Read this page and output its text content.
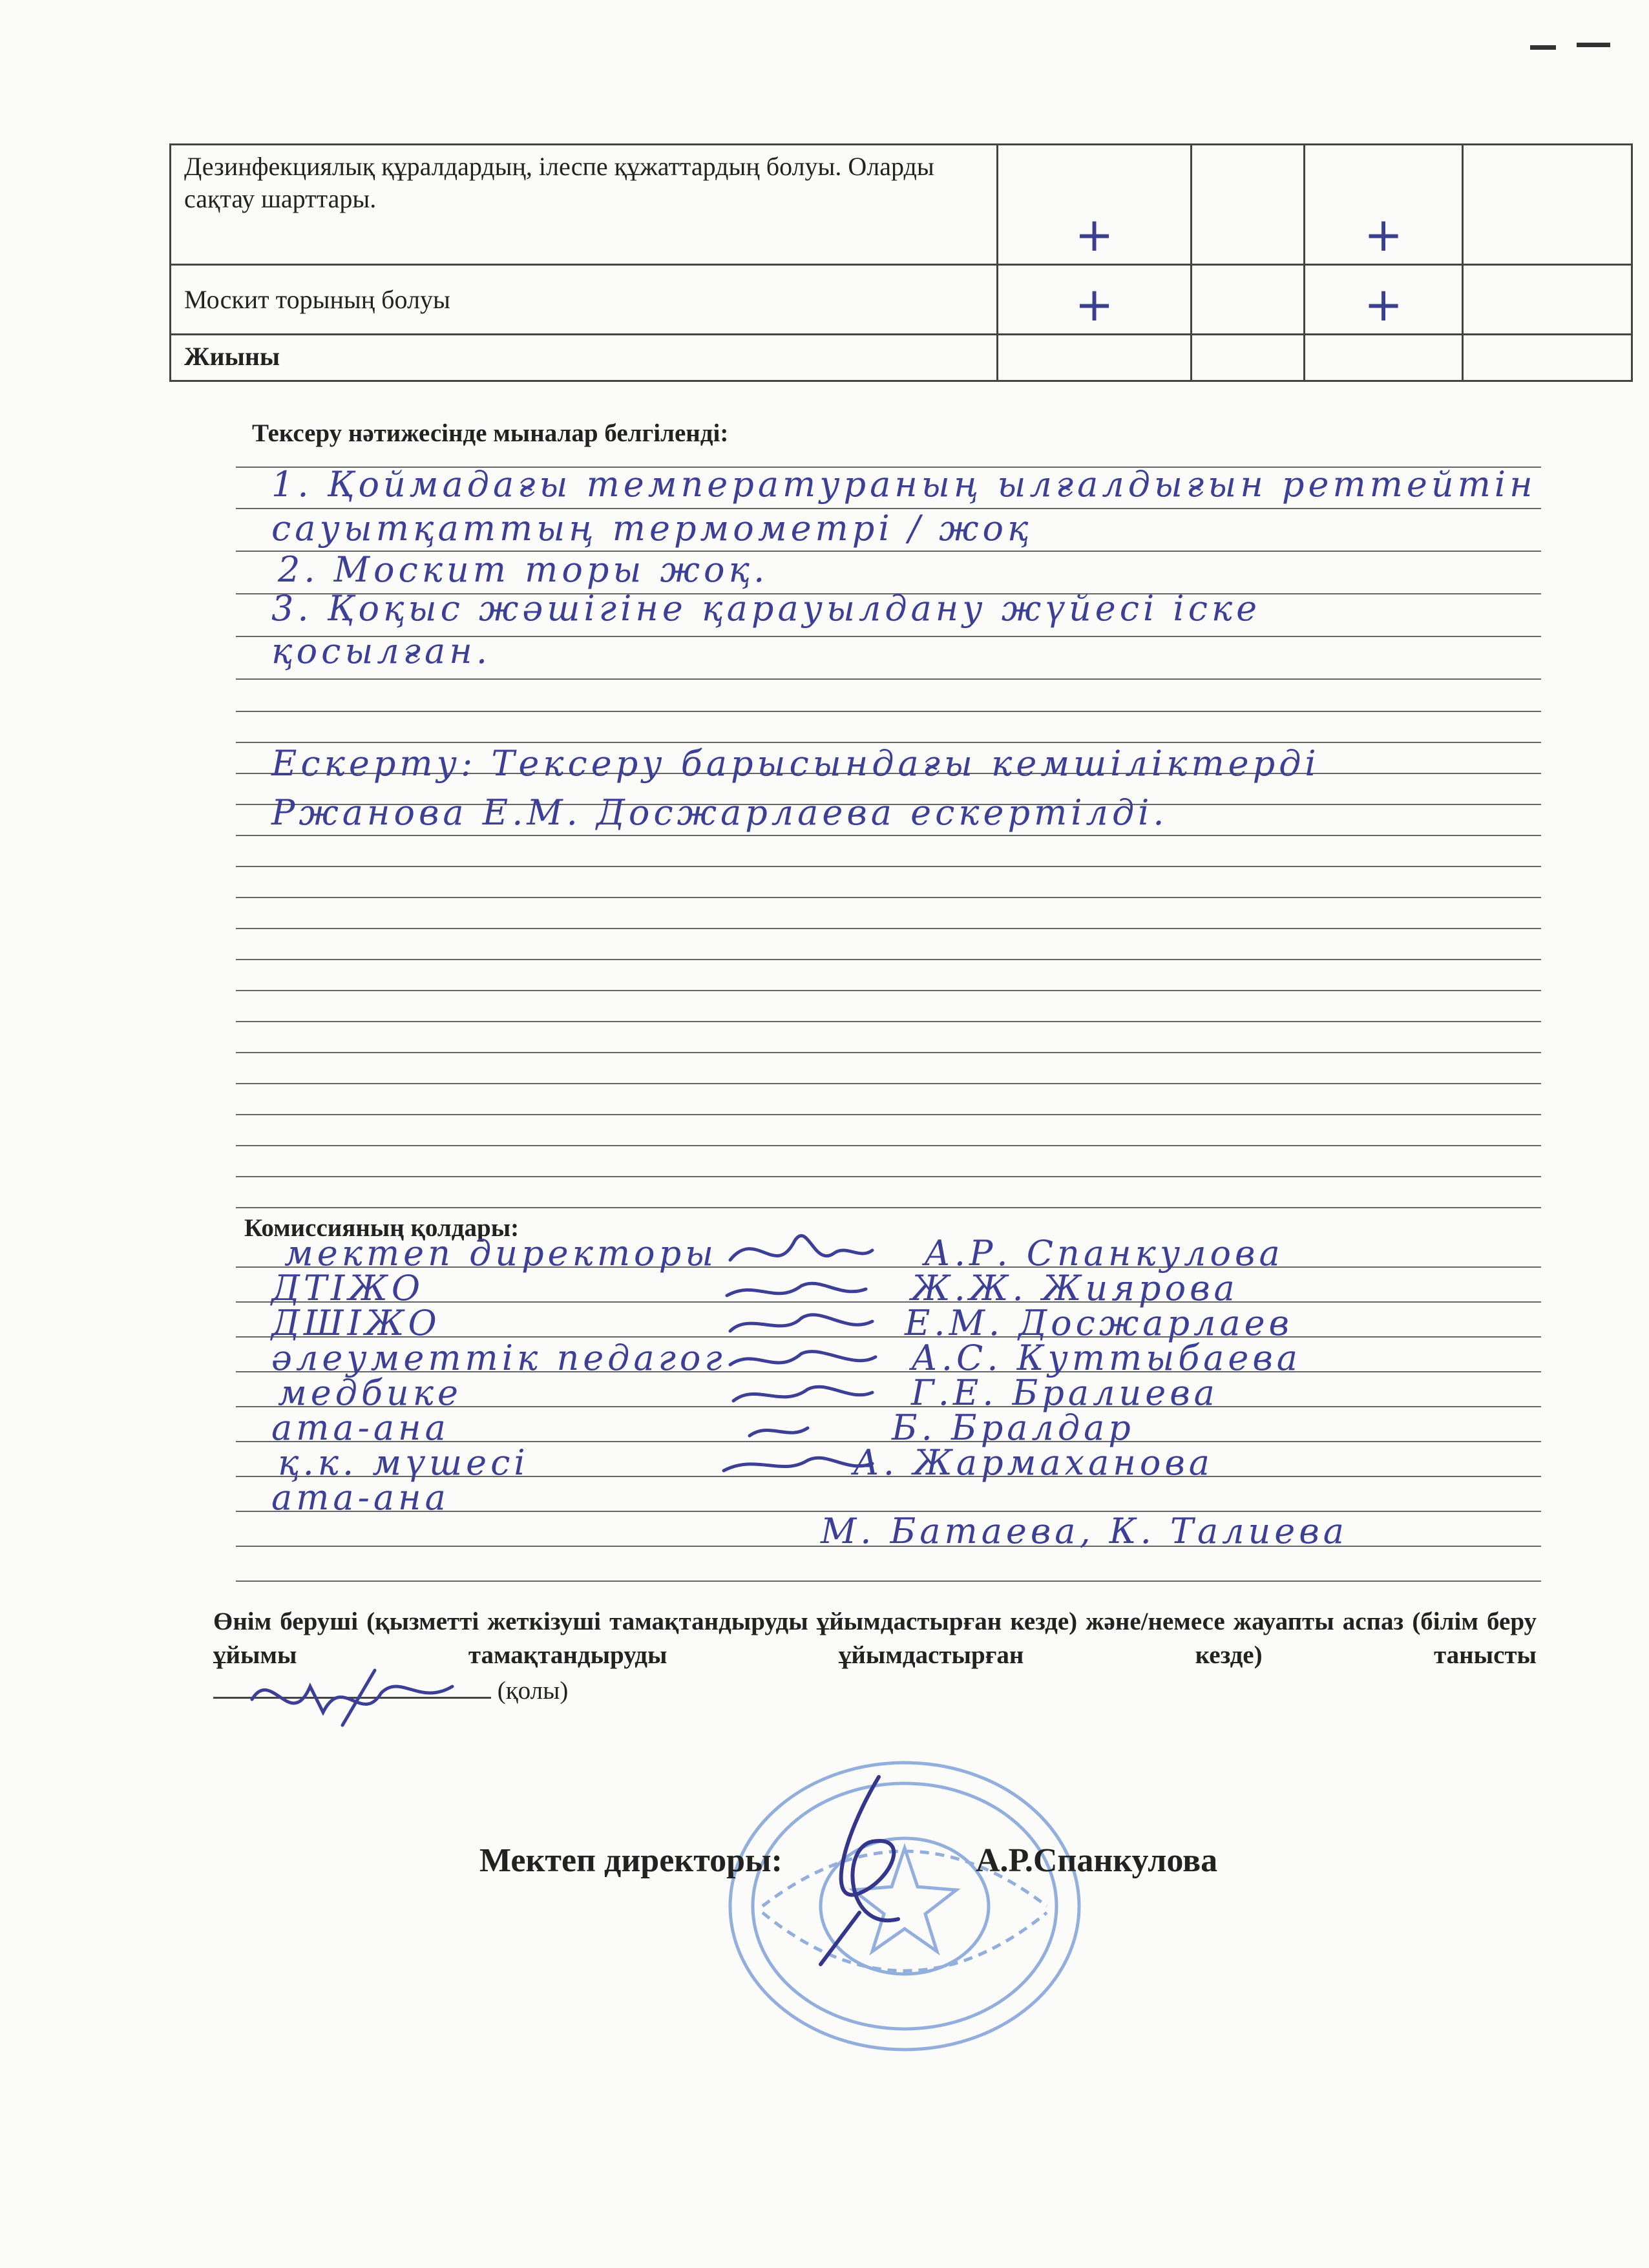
Дезинфекциялық құралдардың, ілеспе құжаттардың болуы. Оларды сақтау шарттары.	+		+	
Москит торының болуы	+		+	
Жиыны				
Тексеру нәтижесінде мыналар белгіленді:
1. Қоймадағы температураның ылғалдығын реттейтін
сауытқаттың термометрі / жоқ
2. Москит торы жоқ.
3. Қоқыс жәшігіне қарауылдану жүйесі іске
қосылған.
Ескерту: Тексеру барысындағы кемшіліктерді
Ржанова Е.М. Досжарлаева ескертілді.
Комиссияның қолдары:
мектеп директоры	А.Р. Спанкулова
ДТІЖО	Ж.Ж. Жиярова
ДШІЖО	Е.М. Досжарлаев
әлеуметтік педагог	А.С. Куттыбаева
медбике	Г.Е. Бралиева
ата-ана	Б. Бралдар
қ.к. мүшесі	А. Жармаханова
ата-ана
М. Батаева, К. Талиева
Өнім беруші (қызметті жеткізуші тамақтандыруды ұйымдастырған кезде) және/немесе жауапты аспаз (білім беру ұйымы тамақтандыруды ұйымдастырған кезде) танысты
(қолы)
Мектеп директоры:	А.Р.Спанкулова
